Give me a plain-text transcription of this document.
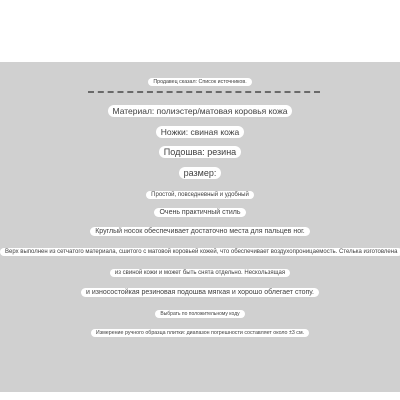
Продавец сказал: Список источников.
Материал: полиэстер/матовая коровья кожа
Ножки: свиная кожа
Подошва: резина
размер:
Простой, повседневный и удобный
Очень практичный стиль
Круглый носок обеспечивает достаточно места для пальцев ног.
Верх выполнен из сетчатого материала, сшитого с матовой коровьей кожей, что обеспечивает воздухопроницаемость. Стелька изготовлена
из свиной кожи и может быть снята отдельно. Нескользящая
и износостойкая резиновая подошва мягкая и хорошо облегает стопу.
Выбрать по положительному коду
Измерение ручного образца плитки: диапазон погрешности составляет около ±3 см.
